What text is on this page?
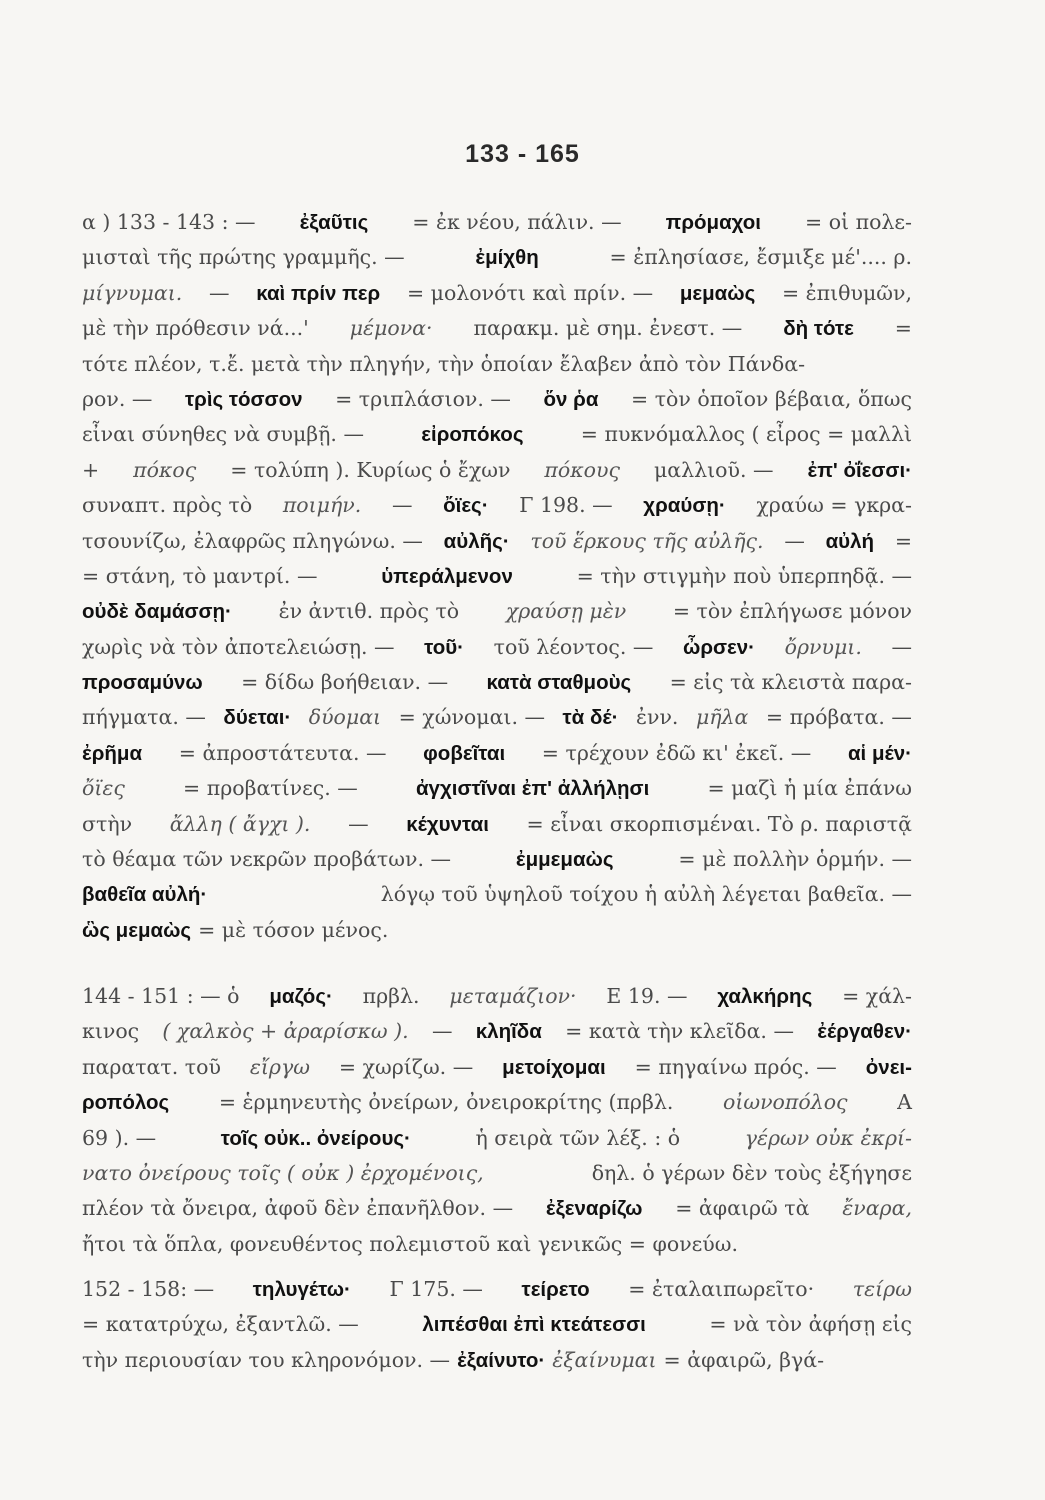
133 - 165
α ) 133 - 143 : — ἐξαῦτις = ἐκ νέου, πάλιν. — πρόμαχοι = οἱ πολε-
μισταὶ τῆς πρώτης γραμμῆς. —	ἐμίχθη	= ἐπλησίασε, ἔσμιξε μέ'.... ρ.
μίγνυμαι. — καὶ πρίν περ = μολονότι καὶ πρίν. — μεμαὼς = ἐπιθυμῶν,
μὲ τὴν πρόθεσιν νά...' μέμονα· παρακμ. μὲ σημ. ἐνεστ. — δὴ τότε =
τότε πλέον, τ.ἔ. μετὰ τὴν πληγήν, τὴν ὁποίαν ἔλαβεν ἀπὸ τὸν Πάνδα-
ρον. — τρὶς τόσσον = τριπλάσιον. — ὅν ῥα = τὸν ὁποῖον βέβαια, ὅπως
εἶναι σύνηθες νὰ συμβῇ. —	εἰροπόκος	= πυκνόμαλλος ( εἶρος = μαλλὶ
+ πόκος = τολύπη ). Κυρίως ὁ ἔχων πόκους μαλλιοῦ. — ἐπ' ὀΐεσσι·
συναπτ. πρὸς τὸ ποιμήν. — ὄϊες· Γ 198. — χραύσῃ· χραύω = γκρα-
τσουνίζω, ἐλαφρῶς πληγώνω. — αὐλῆς· τοῦ ἕρκους τῆς αὐλῆς. — αὐλή =
= στάνη, τὸ μαντρί. —	ὑπεράλμενον	= τὴν στιγμὴν ποὺ ὑπερπηδᾷ. —
οὐδὲ δαμάσσῃ· ἐν ἀντιθ. πρὸς τὸ χραύσῃ μὲν = τὸν ἐπλήγωσε μόνον
χωρὶς νὰ τὸν ἀποτελειώσῃ. — τοῦ· τοῦ λέοντος. — ὦρσεν· ὄρνυμι. —
προσαμύνω = δίδω βοήθειαν. — κατὰ σταθμοὺς = εἰς τὰ κλειστὰ παρα-
πήγματα. — δύεται· δύομαι = χώνομαι. — τὰ δέ· ἐνν. μῆλα = πρόβατα. —
ἐρῆμα = ἀπροστάτευτα. — φοβεῖται = τρέχουν ἐδῶ κι' ἐκεῖ. — αἱ μέν·
ὄϊες	= προβατίνες. —	ἀγχιστῖναι ἐπ' ἀλλήλῃσι	= μαζὶ ἡ μία ἐπάνω
στὴν ἄλλη ( ἄγχι ). — κέχυνται = εἶναι σκορπισμέναι. Τὸ ρ. παριστᾷ
τὸ θέαμα τῶν νεκρῶν προβάτων. —	ἐμμεμαὼς	= μὲ πολλὴν ὁρμήν. —
βαθεῖα αὐλή·	λόγῳ τοῦ ὑψηλοῦ τοίχου ἡ αὐλὴ λέγεται βαθεῖα. —
ὣς μεμαὼς = μὲ τόσον μένος.
144 - 151 : — ὁ μαζός· πρβλ. μεταμάζιον· Ε 19. — χαλκήρης = χάλ-
κινος ( χαλκὸς + ἀραρίσκω ). — κληῖδα = κατὰ τὴν κλεῖδα. — ἐέργαθεν·
παρατατ. τοῦ εἴργω = χωρίζω. — μετοίχομαι = πηγαίνω πρός. — ὀνει-
ροπόλος = ἑρμηνευτὴς ὀνείρων, ὀνειροκρίτης (πρβλ. οἰωνοπόλος Α
69 ). —	τοῖς οὐκ.. ὀνείρους·	ἡ σειρὰ τῶν λέξ. : ὁ	γέρων οὐκ ἐκρί-
νατο ὀνείρους τοῖς ( οὐκ ) ἐρχομένοις,	δηλ. ὁ γέρων δὲν τοὺς ἐξήγησε
πλέον τὰ ὄνειρα, ἀφοῦ δὲν ἐπανῆλθον. — ἐξεναρίζω = ἀφαιρῶ τὰ ἔναρα,
ἤτοι τὰ ὅπλα, φονευθέντος πολεμιστοῦ καὶ γενικῶς = φονεύω.
152 - 158: — τηλυγέτω· Γ 175. — τείρετο = ἐταλαιπωρεῖτο· τείρω
= κατατρύχω, ἐξαντλῶ. —	λιπέσθαι ἐπὶ κτεάτεσσι	= νὰ τὸν ἀφήσῃ εἰς
τὴν περιουσίαν του κληρονόμον. — ἐξαίνυτο· ἐξαίνυμαι = ἀφαιρῶ, βγά-
